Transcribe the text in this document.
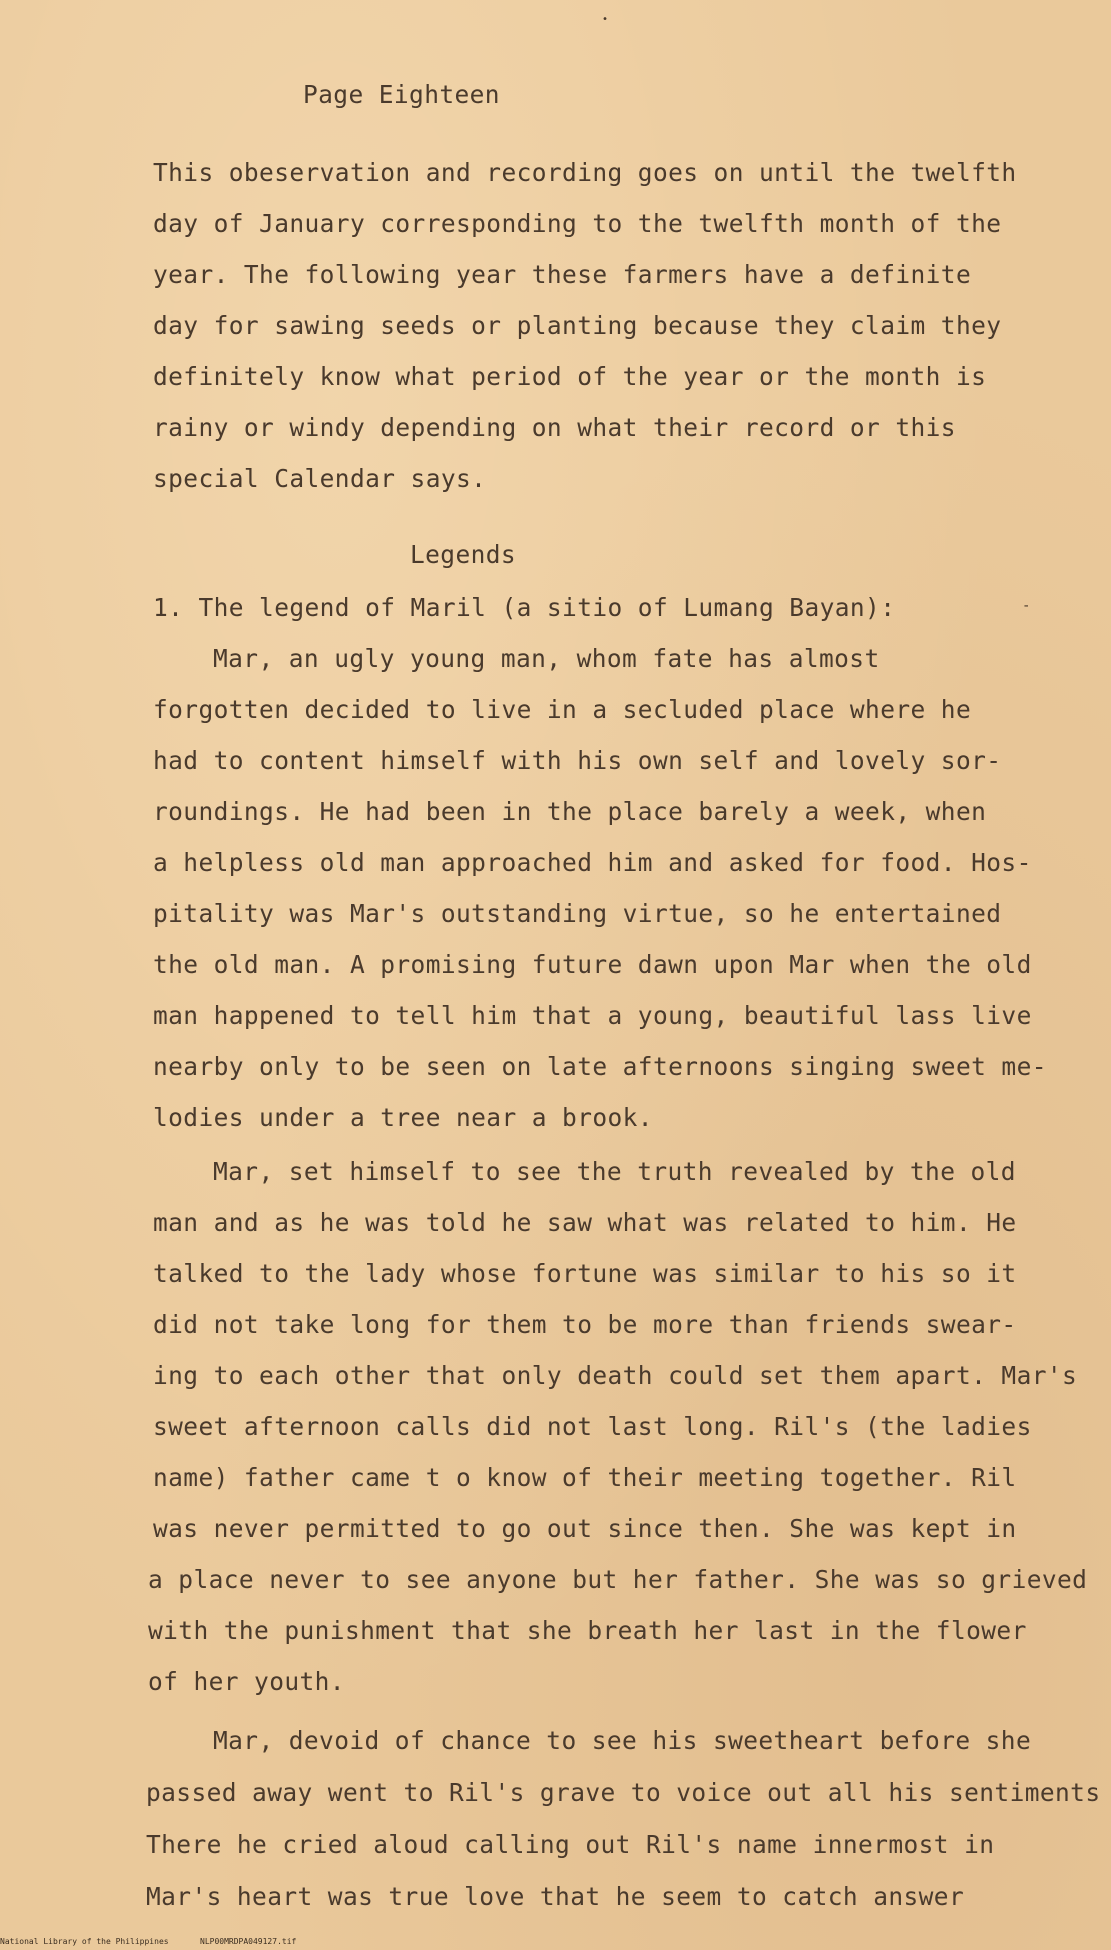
Page Eighteen
This obeservation and recording goes on until the twelfth
day of January corresponding to the twelfth month of the
year. The following year these farmers have a definite
day for sawing seeds or planting because they claim they
definitely know what period of the year or the month is
rainy or windy depending on what their record or this
special Calendar says.
Legends
1. The legend of Maril (a sitio of Lumang Bayan):
Mar, an ugly young man, whom fate has almost
forgotten decided to live in a secluded place where he
had to content himself with his own self and lovely sor-
roundings. He had been in the place barely a week, when
a helpless old man approached him and asked for food. Hos-
pitality was Mar's outstanding virtue, so he entertained
the old man. A promising future dawn upon Mar when the old
man happened to tell him that a young, beautiful lass live
nearby only to be seen on late afternoons singing sweet me-
lodies under a tree near a brook.
Mar, set himself to see the truth revealed by the old
man and as he was told he saw what was related to him. He
talked to the lady whose fortune was similar to his so it
did not take long for them to be more than friends swear-
ing to each other that only death could set them apart. Mar's
sweet afternoon calls did not last long. Ril's (the ladies
name) father came t o know of their meeting together. Ril
was never permitted to go out since then. She was kept in
a place never to see anyone but her father. She was so grieved
with the punishment that she breath her last in the flower
of her youth.
Mar, devoid of chance to see his sweetheart before she
passed away went to Ril's grave to voice out all his sentiments
There he cried aloud calling out Ril's name innermost in
Mar's heart was true love that he seem to catch answer
•
-
National Library of the Philippines	NLP00MRDPA049127.tif
